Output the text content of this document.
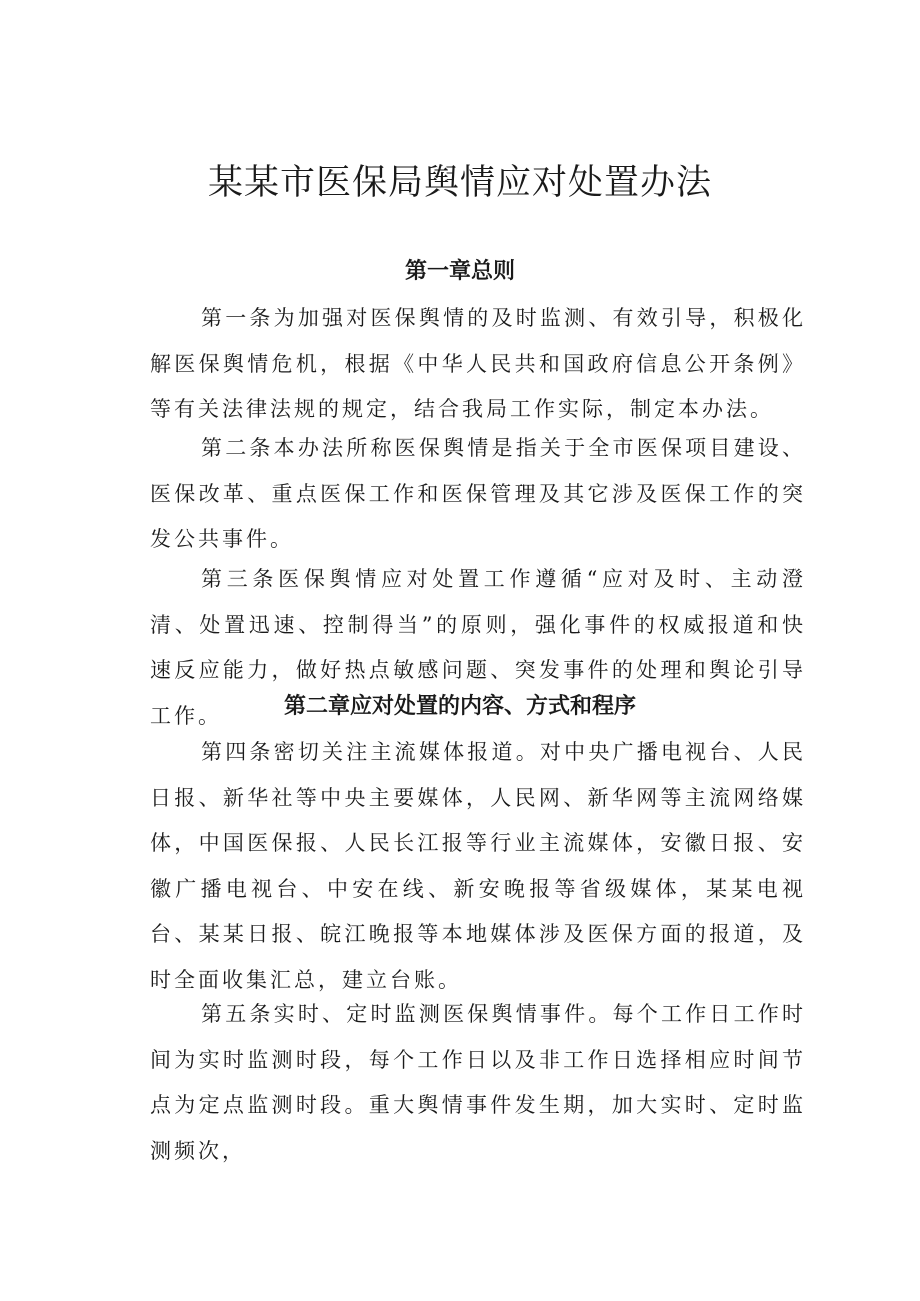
某某市医保局舆情应对处置办法
第一章总则

第一条为加强对医保舆情的及时监测、有效引导，积极化解医保舆情危机，根据《中华人民共和国政府信息公开条例》等有关法律法规的规定，结合我局工作实际，制定本办法。

第二条本办法所称医保舆情是指关于全市医保项目建设、医保改革、重点医保工作和医保管理及其它涉及医保工作的突发公共事件。

第三条医保舆情应对处置工作遵循“应对及时、主动澄清、处置迅速、控制得当”的原则，强化事件的权威报道和快速反应能力，做好热点敏感问题、突发事件的处理和舆论引导工作。	第二章应对处置的内容、方式和程序

第四条密切关注主流媒体报道。对中央广播电视台、人民日报、新华社等中央主要媒体，人民网、新华网等主流网络媒体，中国医保报、人民长江报等行业主流媒体，安徽日报、安徽广播电视台、中安在线、新安晚报等省级媒体，某某电视台、某某日报、皖江晚报等本地媒体涉及医保方面的报道，及时全面收集汇总，建立台账。

第五条实时、定时监测医保舆情事件。每个工作日工作时间为实时监测时段，每个工作日以及非工作日选择相应时间节点为定点监测时段。重大舆情事件发生期，加大实时、定时监测频次，
